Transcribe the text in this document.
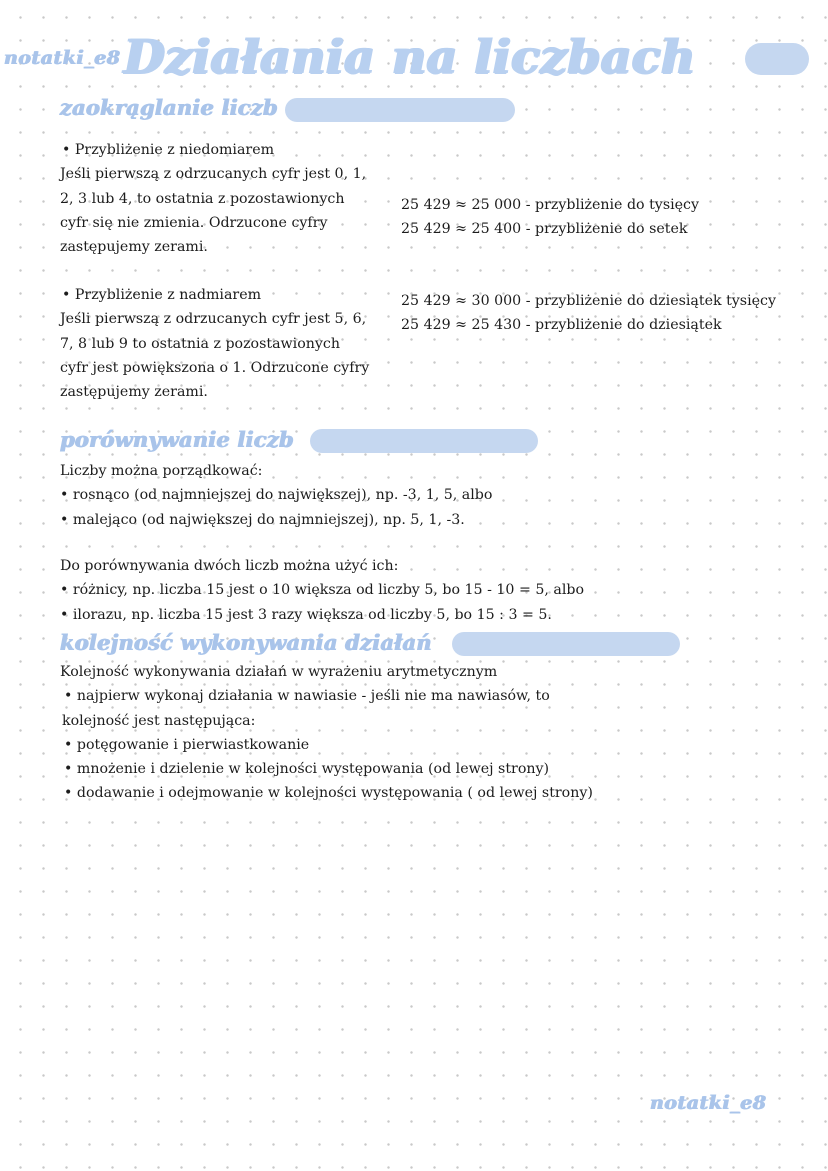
notatki_e8 Działania na liczbach
zaokrąglanie liczb
• Przybliżenie z niedomiarem
Jeśli pierwszą z odrzucanych cyfr jest 0, 1,
2, 3 lub 4, to ostatnia z pozostawionych
cyfr się nie zmienia. Odrzucone cyfry
zastępujemy zerami.
25 429 ≈ 25 000 - przybliżenie do tysięcy
25 429 ≈ 25 400 - przybliżenie do setek
• Przybliżenie z nadmiarem
Jeśli pierwszą z odrzucanych cyfr jest 5, 6,
7, 8 lub 9 to ostatnia z pozostawionych
cyfr jest powiększona o 1. Odrzucone cyfry
zastępujemy zerami.
25 429 ≈ 30 000 - przybliżenie do dziesiątek tysięcy
25 429 ≈ 25 430 - przybliżenie do dziesiątek
porównywanie liczb
Liczby można porządkować:
• rosnąco (od najmniejszej do największej), np. -3, 1, 5, albo
• malejąco (od największej do najmniejszej), np. 5, 1, -3.
Do porównywania dwóch liczb można użyć ich:
• różnicy, np. liczba 15 jest o 10 większa od liczby 5, bo 15 - 10 = 5, albo
• ilorazu, np. liczba 15 jest 3 razy większa od liczby 5, bo 15 : 3 = 5.
kolejność wykonywania działań
Kolejność wykonywania działań w wyrażeniu arytmetycznym
• najpierw wykonaj działania w nawiasie - jeśli nie ma nawiasów, to
kolejność jest następująca:
• potęgowanie i pierwiastkowanie
• mnożenie i dzielenie w kolejności występowania (od lewej strony)
• dodawanie i odejmowanie w kolejności występowania ( od lewej strony)
notatki_e8
